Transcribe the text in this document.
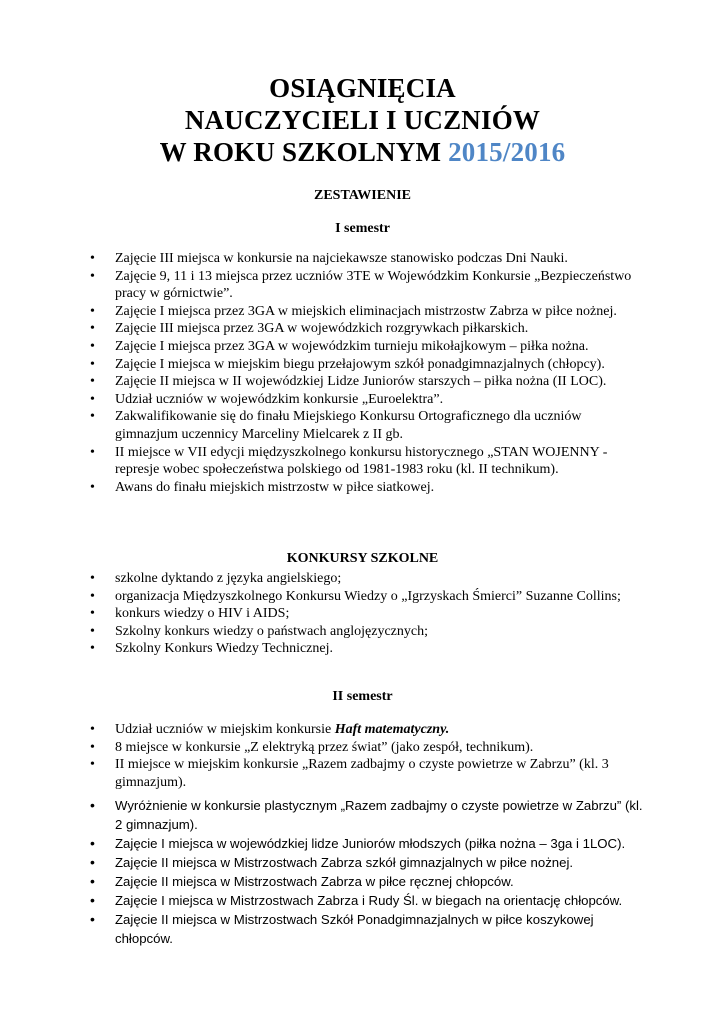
OSIĄGNIĘCIA
NAUCZYCIELI I UCZNIÓW
W ROKU SZKOLNYM 2015/2016
ZESTAWIENIE
I semestr
• Zajęcie III miejsca w konkursie na najciekawsze stanowisko podczas Dni Nauki.
• Zajęcie 9, 11 i 13 miejsca przez uczniów 3TE w Wojewódzkim Konkursie „Bezpieczeństwo pracy w górnictwie”.
• Zajęcie I miejsca przez 3GA w miejskich eliminacjach mistrzostw Zabrza w piłce nożnej.
• Zajęcie III miejsca przez 3GA w wojewódzkich rozgrywkach piłkarskich.
• Zajęcie I miejsca przez 3GA w wojewódzkim turnieju mikołajkowym – piłka nożna.
• Zajęcie I miejsca w miejskim biegu przełajowym szkół ponadgimnazjalnych (chłopcy).
• Zajęcie II miejsca w II wojewódzkiej Lidze Juniorów starszych – piłka nożna (II LOC).
• Udział uczniów w wojewódzkim konkursie „Euroelektra”.
• Zakwalifikowanie się do finału Miejskiego Konkursu Ortograficznego dla uczniów gimnazjum uczennicy Marceliny Mielcarek z II gb.
• II miejsce w VII edycji międzyszkolnego konkursu historycznego „STAN WOJENNY - represje wobec społeczeństwa polskiego od 1981-1983 roku (kl. II technikum).
• Awans do finału miejskich mistrzostw w piłce siatkowej.
KONKURSY SZKOLNE
• szkolne dyktando z języka angielskiego;
• organizacja Międzyszkolnego Konkursu Wiedzy o „Igrzyskach Śmierci” Suzanne Collins;
• konkurs wiedzy o HIV i AIDS;
• Szkolny konkurs wiedzy o państwach anglojęzycznych;
• Szkolny Konkurs Wiedzy Technicznej.
II semestr
• Udział uczniów w miejskim konkursie Haft matematyczny.
• 8 miejsce w konkursie „Z elektryką przez świat” (jako zespół, technikum).
• II miejsce w miejskim konkursie „Razem zadbajmy o czyste powietrze w Zabrzu” (kl. 3 gimnazjum).
• Wyróżnienie w konkursie plastycznym „Razem zadbajmy o czyste powietrze w Zabrzu” (kl. 2 gimnazjum).
• Zajęcie I miejsca w wojewódzkiej lidze Juniorów młodszych (piłka nożna – 3ga i 1LOC).
• Zajęcie II miejsca w Mistrzostwach Zabrza szkół gimnazjalnych w piłce nożnej.
• Zajęcie II miejsca w Mistrzostwach Zabrza w piłce ręcznej chłopców.
• Zajęcie I miejsca w Mistrzostwach Zabrza i Rudy Śl. w biegach na orientację chłopców.
• Zajęcie II miejsca w Mistrzostwach Szkół Ponadgimnazjalnych w piłce koszykowej chłopców.
